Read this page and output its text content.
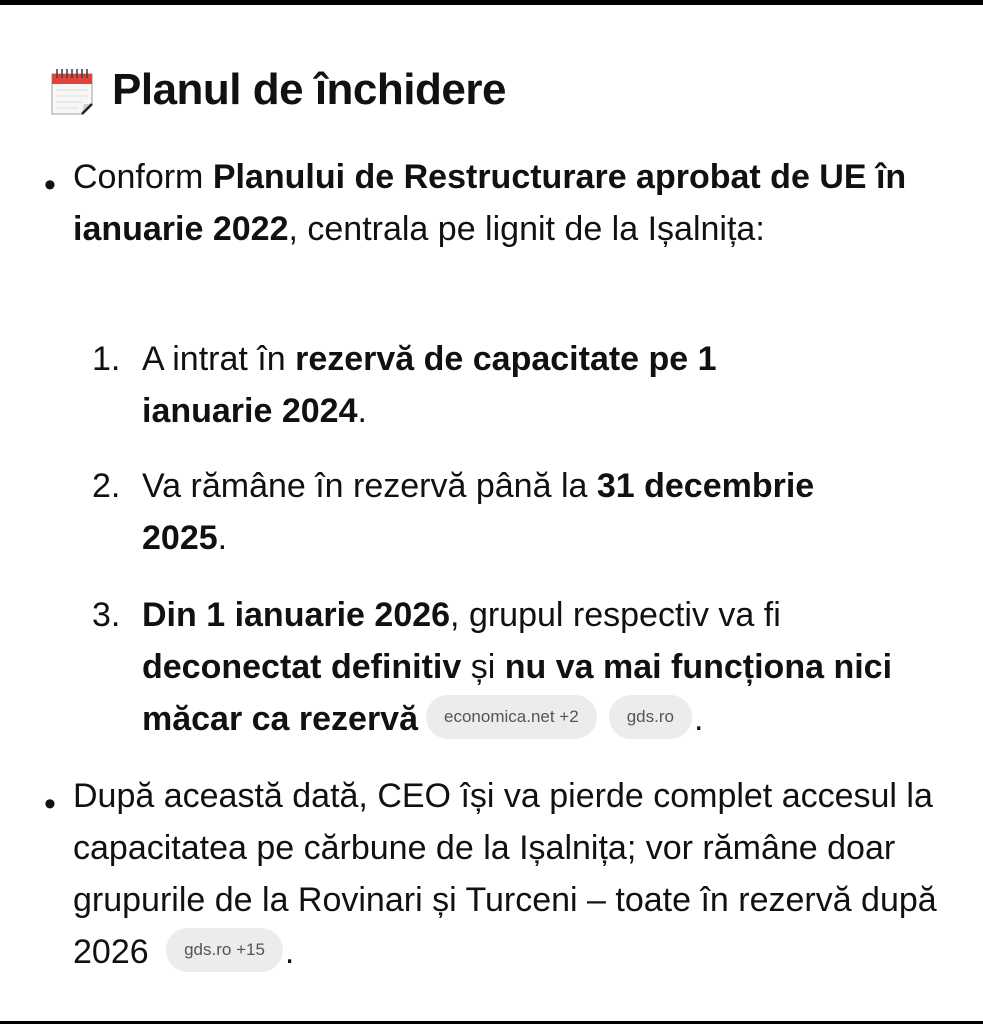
Planul de închidere
• Conform Planului de Restructurare aprobat de UE în ianuarie 2022, centrala pe lignit de la Ișalnița:

1. A intrat în rezervă de capacitate pe 1 ianuarie 2024.

2. Va rămâne în rezervă până la 31 decembrie 2025.

3. Din 1 ianuarie 2026, grupul respectiv va fi deconectat definitiv și nu va mai funcționa nici măcar ca rezervă economica.net +2	gds.ro .

• După această dată, CEO își va pierde complet accesul la capacitatea pe cărbune de la Ișalnița; vor rămâne doar grupurile de la Rovinari și Turceni – toate în rezervă după 2026 gds.ro +15 .
